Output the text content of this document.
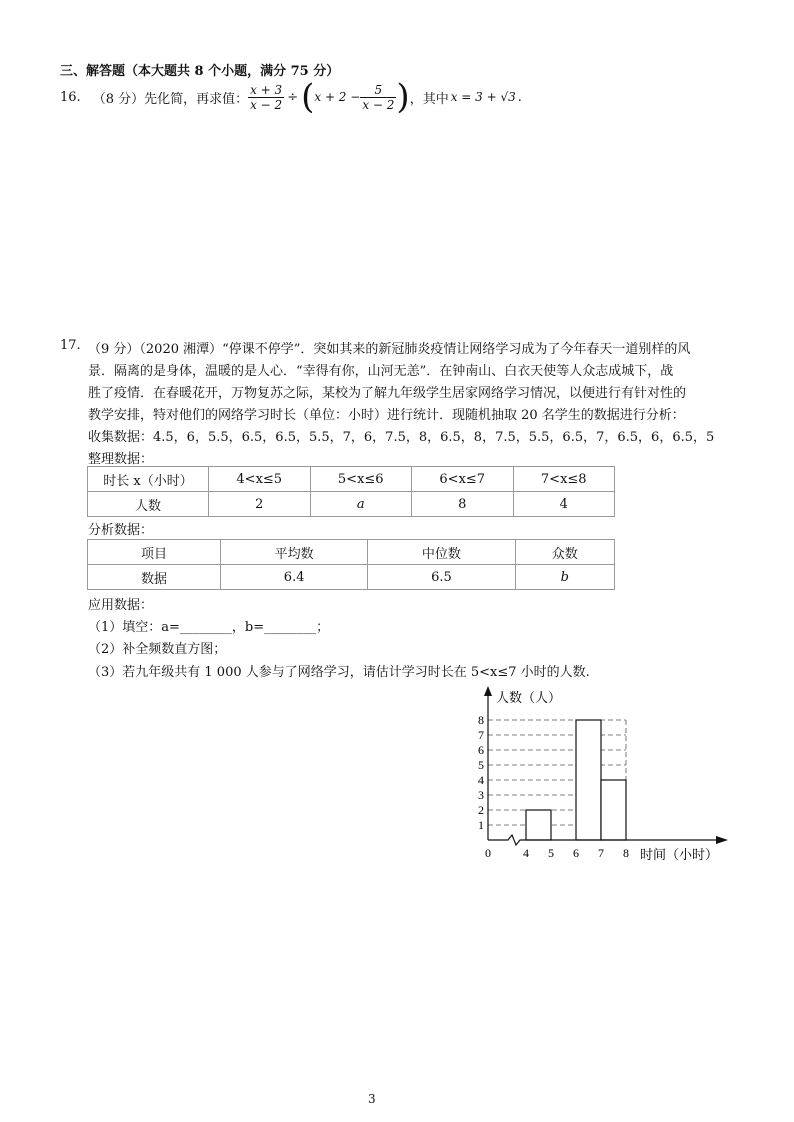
三、解答题（本大题共 8 个小题，满分 75 分）
16. （8 分）先化简，再求值： $\frac{x + 3}{x - 2}$ ÷ ( $x + 2 - \frac{5}{x - 2}$ ) ，其中 x = 3 + √3 .
17. （9 分）（2020 湘潭）“停课不停学”．突如其来的新冠肺炎疫情让网络学习成为了今年春天一道别样的风
景．隔离的是身体，温暖的是人心．“幸得有你，山河无恙”．在钟南山、白衣天使等人众志成城下，战
胜了疫情．在春暖花开，万物复苏之际，某校为了解九年级学生居家网络学习情况，以便进行有针对性的
教学安排，特对他们的网络学习时长（单位：小时）进行统计．现随机抽取 20 名学生的数据进行分析：
收集数据：4.5，6，5.5，6.5，6.5，5.5，7，6，7.5，8，6.5，8，7.5，5.5，6.5，7，6.5，6，6.5，5
整理数据：
时长 x（小时）	4<x≤5	5<x≤6	6<x≤7	7<x≤8
人数	2	a	8	4
分析数据：
项目	平均数	中位数	众数
数据	6.4	6.5	b
应用数据：
（1）填空：a=________，b=________；
（2）补全频数直方图；
（3）若九年级共有 1 000 人参与了网络学习，请估计学习时长在 5<x≤7 小时的人数.
1
2
3
4
5
6
7
8
4 5 6 7 8
0
人数（人）
时间（小时）
3
